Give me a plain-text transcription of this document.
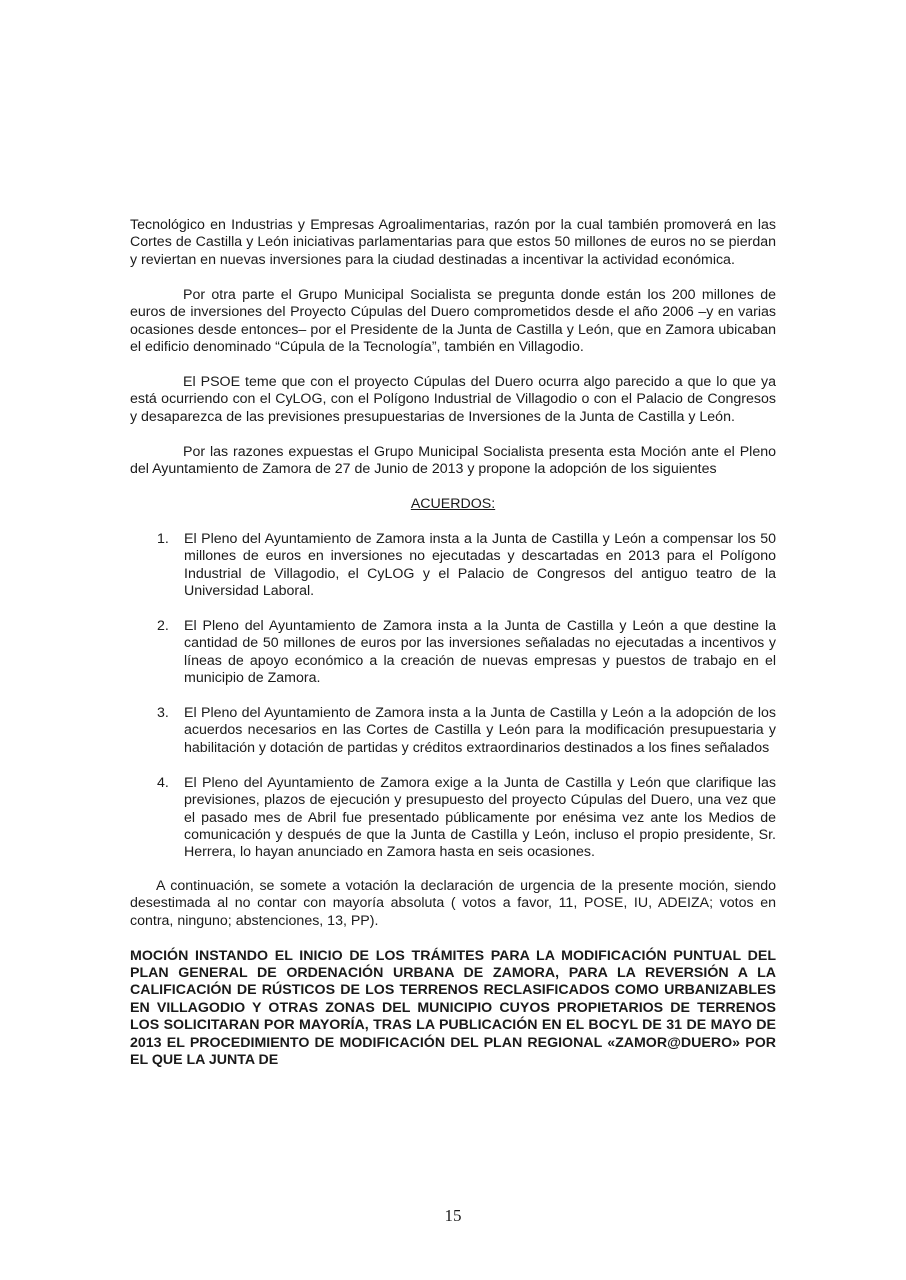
Tecnológico en Industrias y Empresas Agroalimentarias, razón por la cual también promoverá en las Cortes de Castilla y León iniciativas parlamentarias para que estos 50 millones de euros no se pierdan y reviertan en nuevas inversiones para la ciudad destinadas a incentivar la actividad económica.

Por otra parte el Grupo Municipal Socialista se pregunta donde están los 200 millones de euros de inversiones del Proyecto Cúpulas del Duero comprometidos desde el año 2006 –y en varias ocasiones desde entonces– por el Presidente de la Junta de Castilla y León, que en Zamora ubicaban el edificio denominado “Cúpula de la Tecnología”, también en Villagodio.

El PSOE teme que con el proyecto Cúpulas del Duero ocurra algo parecido a que lo que ya está ocurriendo con el CyLOG, con el Polígono Industrial de Villagodio o con el Palacio de Congresos y desaparezca de las previsiones presupuestarias de Inversiones de la Junta de Castilla y León.

Por las razones expuestas el Grupo Municipal Socialista presenta esta Moción ante el Pleno del Ayuntamiento de Zamora de 27 de Junio de 2013 y propone la adopción de los siguientes

ACUERDOS:
1. El Pleno del Ayuntamiento de Zamora insta a la Junta de Castilla y León a compensar los 50 millones de euros en inversiones no ejecutadas y descartadas en 2013 para el Polígono Industrial de Villagodio, el CyLOG y el Palacio de Congresos del antiguo teatro de la Universidad Laboral.
2. El Pleno del Ayuntamiento de Zamora insta a la Junta de Castilla y León a que destine la cantidad de 50 millones de euros por las inversiones señaladas no ejecutadas a incentivos y líneas de apoyo económico a la creación de nuevas empresas y puestos de trabajo en el municipio de Zamora.
3. El Pleno del Ayuntamiento de Zamora insta a la Junta de Castilla y León a la adopción de los acuerdos necesarios en las Cortes de Castilla y León para la modificación presupuestaria y habilitación y dotación de partidas y créditos extraordinarios destinados a los fines señalados
4. El Pleno del Ayuntamiento de Zamora exige a la Junta de Castilla y León que clarifique las previsiones, plazos de ejecución y presupuesto del proyecto Cúpulas del Duero, una vez que el pasado mes de Abril fue presentado públicamente por enésima vez ante los Medios de comunicación y después de que la Junta de Castilla y León, incluso el propio presidente, Sr. Herrera, lo hayan anunciado en Zamora hasta en seis ocasiones.

A continuación, se somete a votación la declaración de urgencia de la presente moción, siendo desestimada al no contar con mayoría absoluta ( votos a favor, 11, POSE, IU, ADEIZA; votos en contra, ninguno; abstenciones, 13, PP).

MOCIÓN INSTANDO EL INICIO DE LOS TRÁMITES PARA LA MODIFICACIÓN PUNTUAL DEL PLAN GENERAL DE ORDENACIÓN URBANA DE ZAMORA, PARA LA REVERSIÓN A LA CALIFICACIÓN DE RÚSTICOS DE LOS TERRENOS RECLASIFICADOS COMO URBANIZABLES EN VILLAGODIO Y OTRAS ZONAS DEL MUNICIPIO CUYOS PROPIETARIOS DE TERRENOS LOS SOLICITARAN POR MAYORÍA, TRAS LA PUBLICACIÓN EN EL BOCYL DE 31 DE MAYO DE 2013 EL PROCEDIMIENTO DE MODIFICACIÓN DEL PLAN REGIONAL «ZAMOR@DUERO» POR EL QUE LA JUNTA DE

15
